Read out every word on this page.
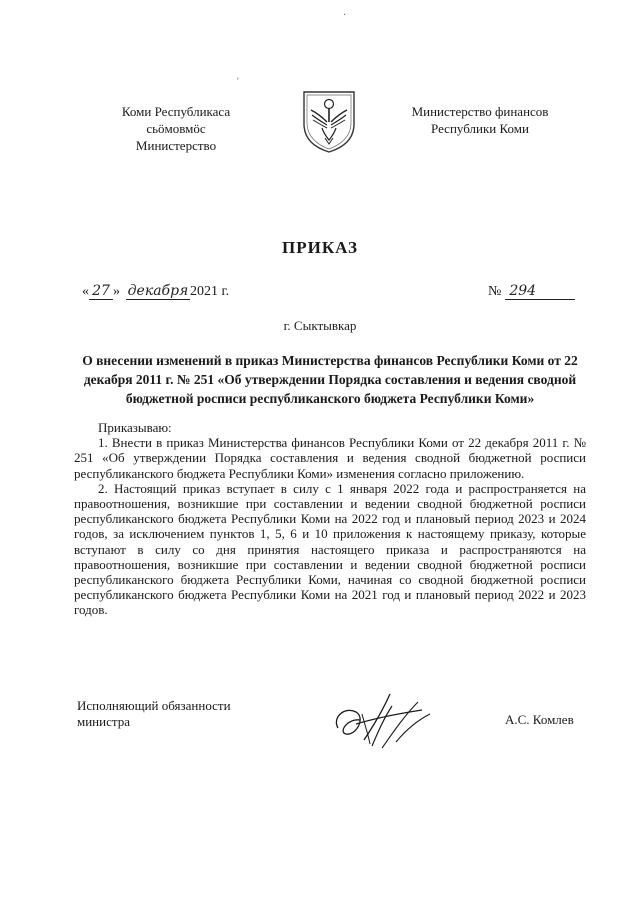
·
′
Коми Республикаса
сьӧмовмӧс
Министерство
Министерство финансов
Республики Коми
ПРИКАЗ
« 27 » декабря 2021 г.	№ 294
г. Сыктывкар
О внесении изменений в приказ Министерства финансов Республики Коми от 22 декабря 2011 г. № 251 «Об утверждении Порядка составления и ведения сводной бюджетной росписи республиканского бюджета Республики Коми»

Приказываю:

1. Внести в приказ Министерства финансов Республики Коми от 22 декабря 2011 г. № 251 «Об утверждении Порядка составления и ведения сводной бюджетной росписи республиканского бюджета Республики Коми» изменения согласно приложению.

2. Настоящий приказ вступает в силу с 1 января 2022 года и распространяется на правоотношения, возникшие при составлении и ведении сводной бюджетной росписи республиканского бюджета Республики Коми на 2022 год и плановый период 2023 и 2024 годов, за исключением пунктов 1, 5, 6 и 10 приложения к настоящему приказу, которые вступают в силу со дня принятия настоящего приказа и распространяются на правоотношения, возникшие при составлении и ведении сводной бюджетной росписи республиканского бюджета Республики Коми, начиная со сводной бюджетной росписи республиканского бюджета Республики Коми на 2021 год и плановый период 2022 и 2023 годов.

Исполняющий обязанности
министра	А.С. Комлев
